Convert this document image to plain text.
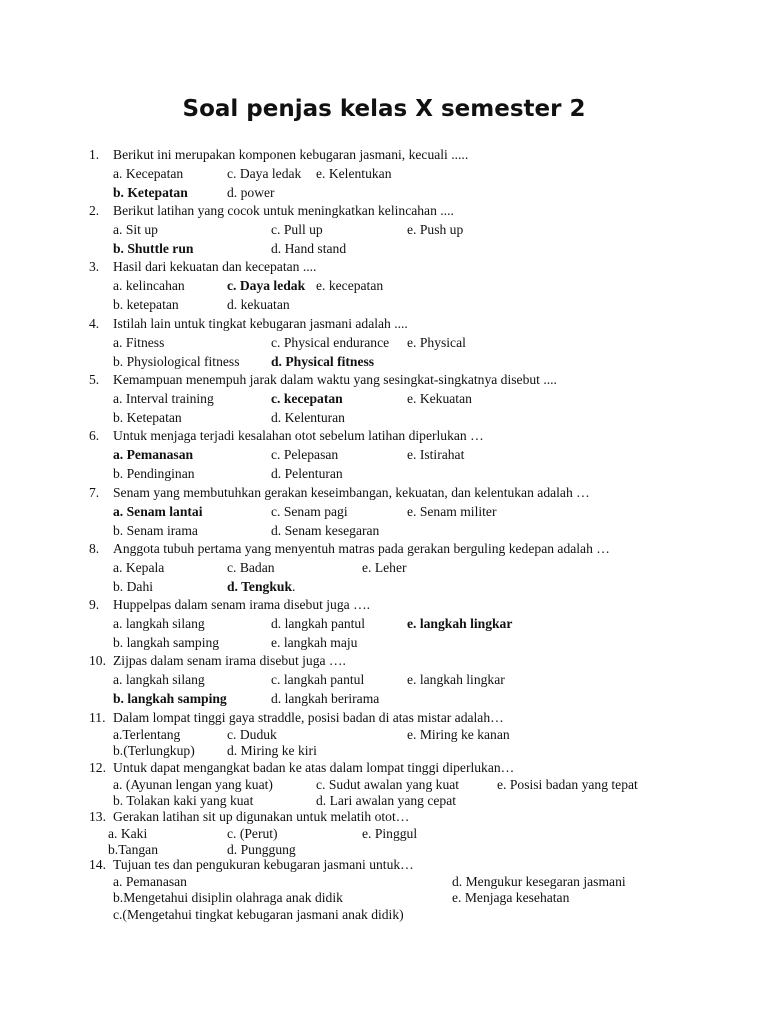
Soal penjas kelas X semester 2
1. Berikut ini merupakan komponen kebugaran jasmani, kecuali .....
a. Kecepatan	c. Daya ledak e. Kelentukan
b. Ketepatan	d. power
2. Berikut latihan yang cocok untuk meningkatkan kelincahan ....
a. Sit up	c. Pull up	e. Push up
b. Shuttle run	d. Hand stand
3. Hasil dari kekuatan dan kecepatan ....
a. kelincahan	c. Daya ledak e. kecepatan
b. ketepatan	d. kekuatan
4. Istilah lain untuk tingkat kebugaran jasmani adalah ....
a. Fitness	c. Physical endurance e. Physical
b. Physiological fitness d. Physical fitness
5. Kemampuan menempuh jarak dalam waktu yang sesingkat-singkatnya disebut ....
a. Interval training	c. kecepatan	e. Kekuatan
b. Ketepatan	d. Kelenturan
6. Untuk menjaga terjadi kesalahan otot sebelum latihan diperlukan …
a. Pemanasan	c. Pelepasan	e. Istirahat
b. Pendinginan	d. Pelenturan
7. Senam yang membutuhkan gerakan keseimbangan, kekuatan, dan kelentukan adalah …
a. Senam lantai	c. Senam pagi	e. Senam militer
b. Senam irama	d. Senam kesegaran
8. Anggota tubuh pertama yang menyentuh matras pada gerakan berguling kedepan adalah …
a. Kepala	c. Badan	e. Leher
b. Dahi	d. Tengkuk.
9. Huppelpas dalam senam irama disebut juga ….
a. langkah silang	d. langkah pantul	e. langkah lingkar
b. langkah samping	e. langkah maju
10. Zijpas dalam senam irama disebut juga ….
a. langkah silang	c. langkah pantul	e. langkah lingkar
b. langkah samping	d. langkah berirama
11. Dalam lompat tinggi gaya straddle, posisi badan di atas mistar adalah…
a.Terlentang	c. Duduk	e. Miring ke kanan
b.(Terlungkup) d. Miring ke kiri
12. Untuk dapat mengangkat badan ke atas dalam lompat tinggi diperlukan…
a. (Ayunan lengan yang kuat)	c. Sudut awalan yang kuat	e. Posisi badan yang tepat
b. Tolakan kaki yang kuat	d. Lari awalan yang cepat
13. Gerakan latihan sit up digunakan untuk melatih otot…
a. Kaki	c. (Perut)	e. Pinggul
b.Tangan	d. Punggung
14. Tujuan tes dan pengukuran kebugaran jasmani untuk…
a. Pemanasan	d. Mengukur kesegaran jasmani
b.Mengetahui disiplin olahraga anak didik	e. Menjaga kesehatan
c.(Mengetahui tingkat kebugaran jasmani anak didik)
